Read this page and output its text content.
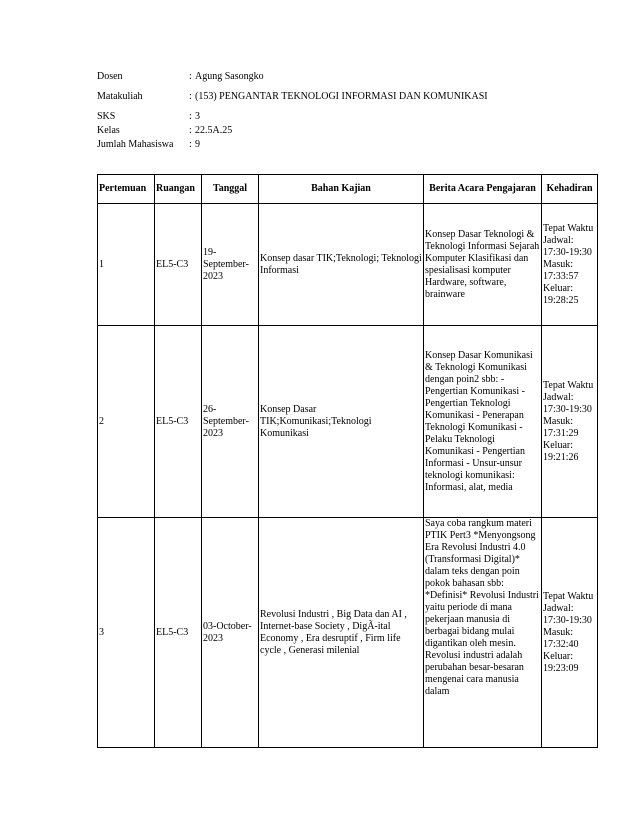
Dosen	:	Agung Sasongko
Matakuliah	:	(153) PENGANTAR TEKNOLOGI INFORMASI DAN KOMUNIKASI
SKS	:	3
Kelas	:	22.5A.25
Jumlah Mahasiswa	:	9
Pertemuan	Ruangan	Tanggal	Bahan Kajian	Berita Acara Pengajaran	Kehadiran
1	EL5-C3	19-September-2023	Konsep dasar TIK;Teknologi; Teknologi Informasi	Konsep Dasar Teknologi & Teknologi Informasi Sejarah Komputer Klasifikasi dan spesialisasi komputer Hardware, software, brainware	Tepat Waktu Jadwal: 17:30-19:30 Masuk: 17:33:57 Keluar: 19:28:25
2	EL5-C3	26-September-2023	Konsep Dasar TIK;Komunikasi;Teknologi Komunikasi	Konsep Dasar Komunikasi & Teknologi Komunikasi dengan poin2 sbb: - Pengertian Komunikasi - Pengertian Teknologi Komunikasi - Penerapan Teknologi Komunikasi - Pelaku Teknologi Komunikasi - Pengertian Informasi - Unsur-unsur teknologi komunikasi: Informasi, alat, media	Tepat Waktu Jadwal: 17:30-19:30 Masuk: 17:31:29 Keluar: 19:21:26
3	EL5-C3	03-October-2023	Revolusi Industri , Big Data dan AI , Internet-base Society , DigÃ-ital Economy , Era desruptif , Firm life cycle , Generasi milenial	Saya coba rangkum materi PTIK Pert3 *Menyongsong Era Revolusi Industri 4.0 (Transformasi Digital)* dalam teks dengan poin pokok bahasan sbb: *Definisi* Revolusi Industri yaitu periode di mana pekerjaan manusia di berbagai bidang mulai digantikan oleh mesin. Revolusi industri adalah perubahan besar-besaran mengenai cara manusia dalam	Tepat Waktu Jadwal: 17:30-19:30 Masuk: 17:32:40 Keluar: 19:23:09
